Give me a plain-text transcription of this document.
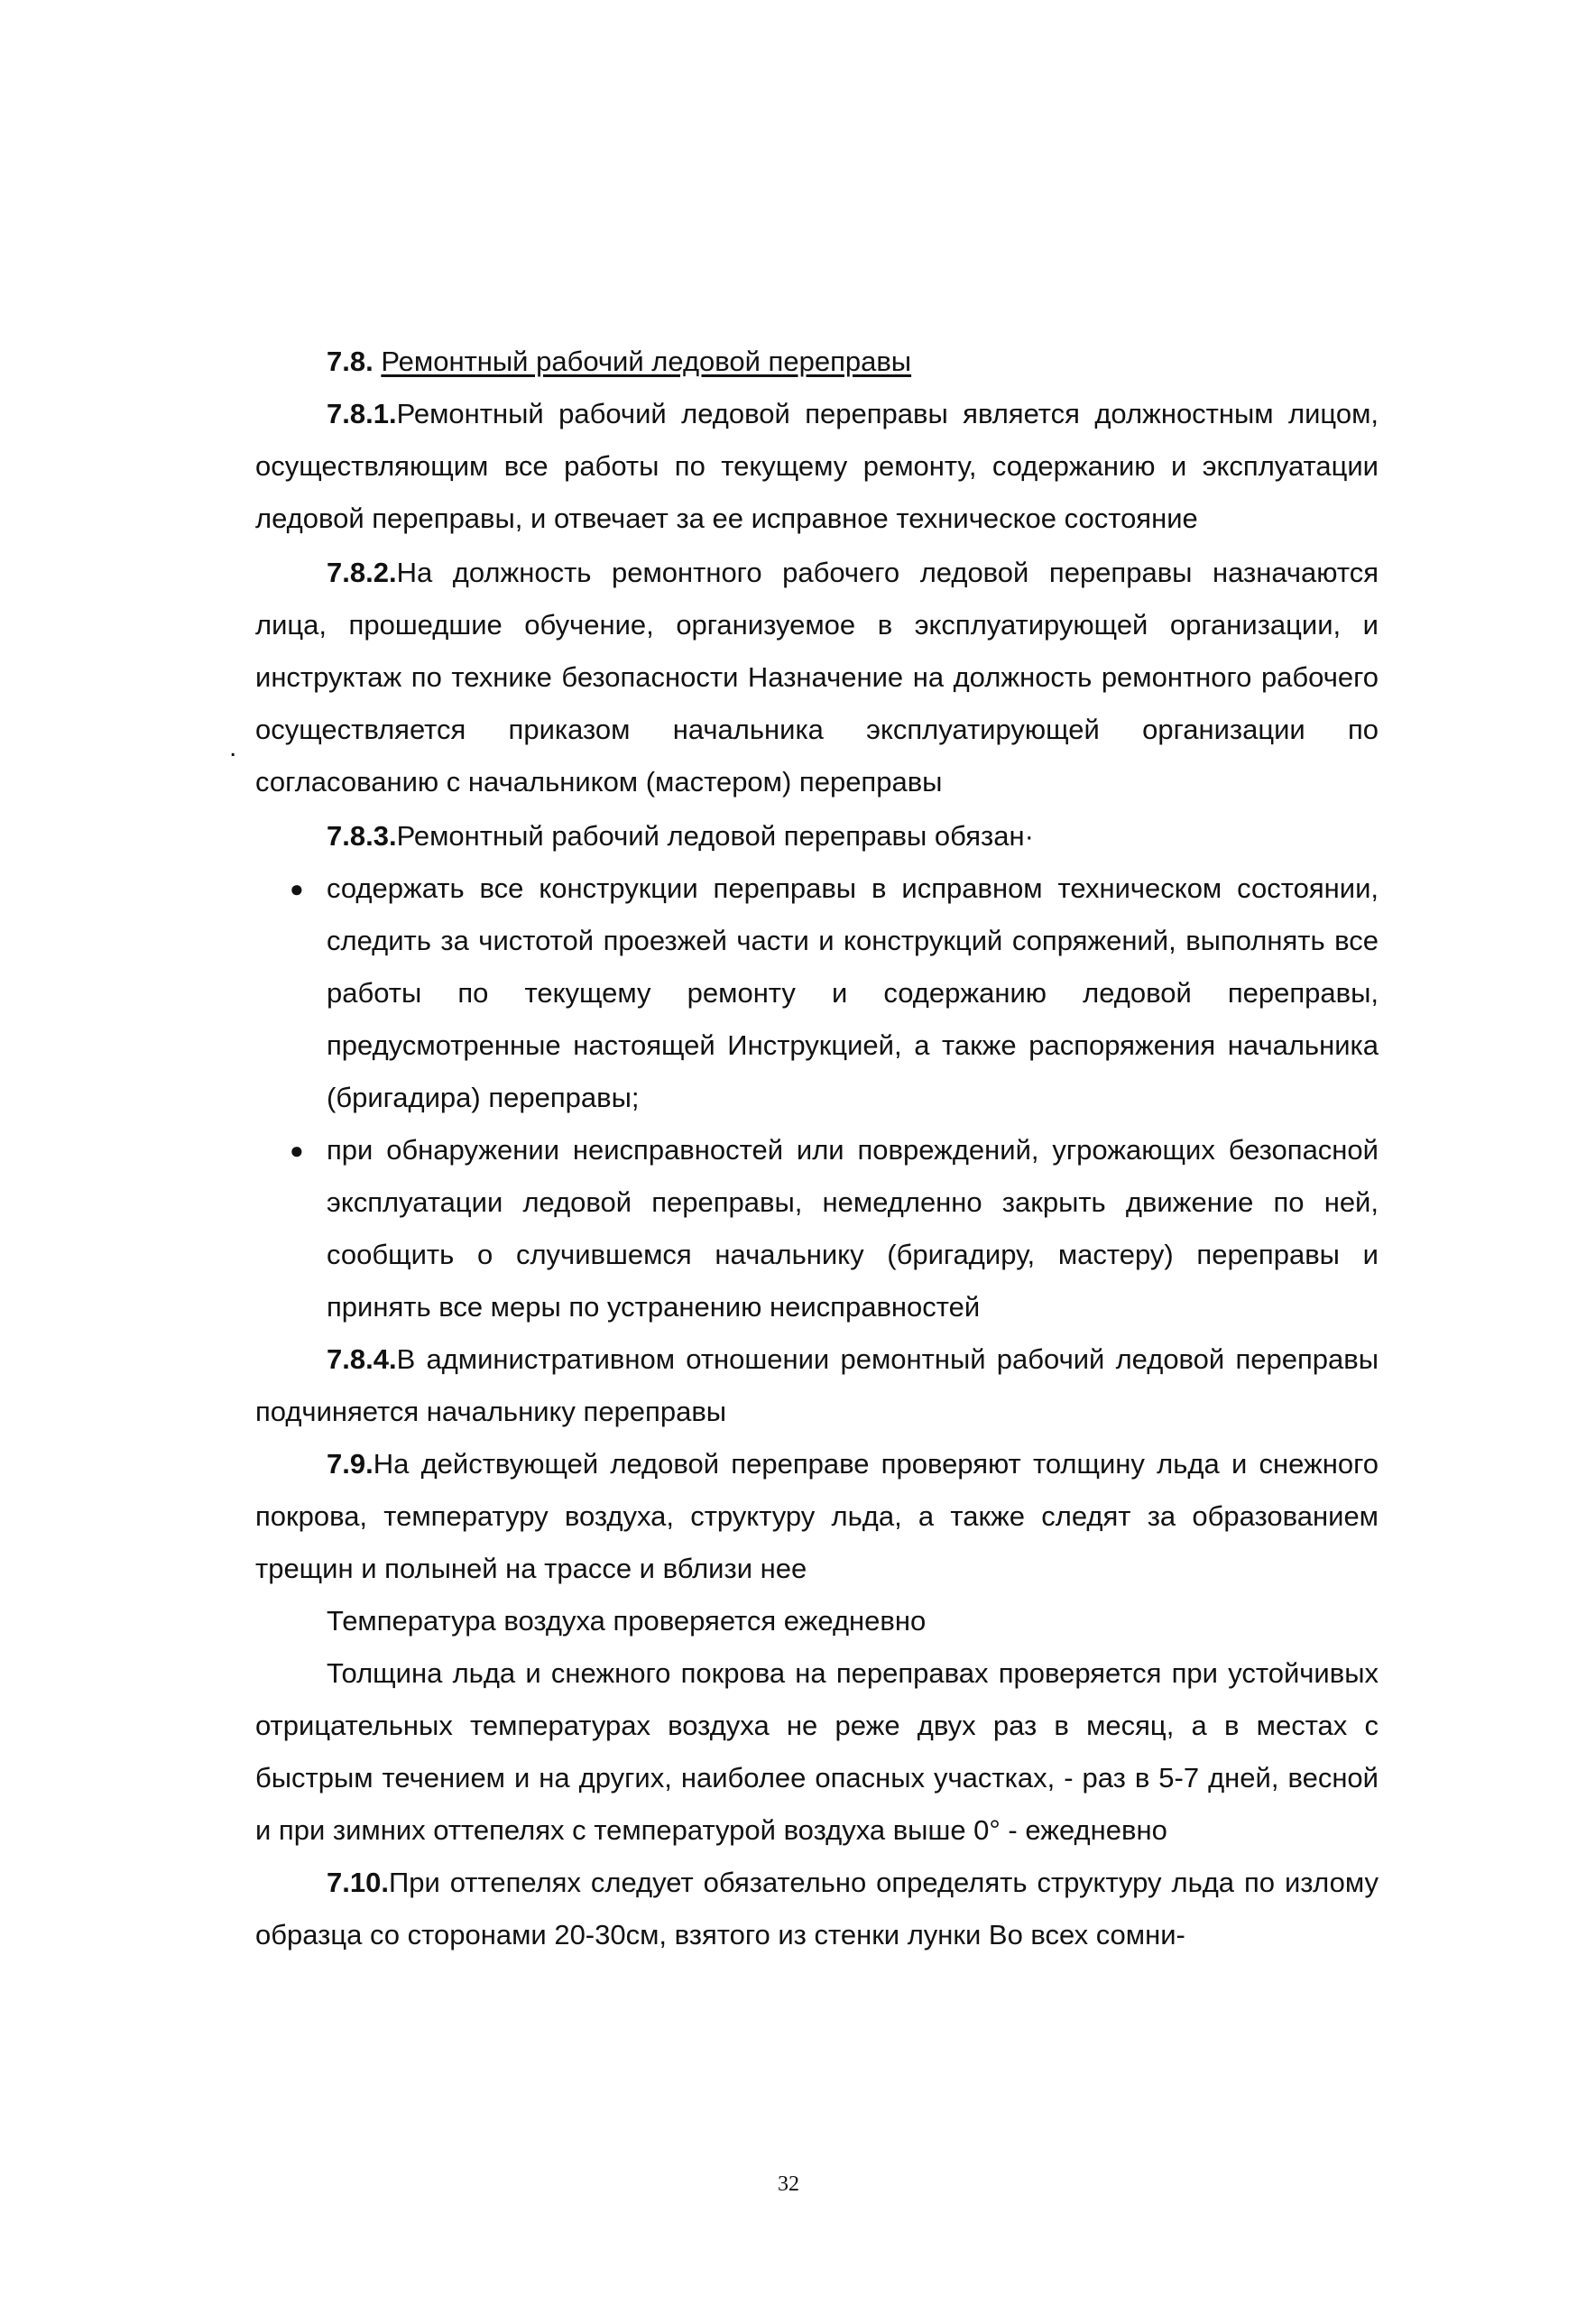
7.8. Ремонтный рабочий ледовой переправы

7.8.1.Ремонтный рабочий ледовой переправы является должностным лицом, осуществляющим все работы по текущему ремонту, содержанию и эксплуатации ледовой переправы, и отвечает за ее исправное техническое состояние

7.8.2.На должность ремонтного рабочего ледовой переправы назначаются лица, прошедшие обучение, организуемое в эксплуатирующей организации, и инструктаж по технике безопасности Назначение на должность ремонтного рабочего осуществляется приказом начальника эксплуатирующей организации по согласованию с начальником (мастером) переправы

7.8.3.Ремонтный рабочий ледовой переправы обязан·

● содержать все конструкции переправы в исправном техническом состоянии, следить за чистотой проезжей части и конструкций сопряжений, выполнять все работы по текущему ремонту и содержанию ледовой переправы, предусмотренные настоящей Инструкцией, а также распоряжения начальника (бригадира) переправы;
● при обнаружении неисправностей или повреждений, угрожающих безопасной эксплуатации ледовой переправы, немедленно закрыть движение по ней, сообщить о случившемся начальнику (бригадиру, мастеру) переправы и принять все меры по устранению неисправностей

7.8.4.В административном отношении ремонтный рабочий ледовой переправы подчиняется начальнику переправы

7.9.На действующей ледовой переправе проверяют толщину льда и снежного покрова, температуру воздуха, структуру льда, а также следят за образованием трещин и полыней на трассе и вблизи нее

Температура воздуха проверяется ежедневно

Толщина льда и снежного покрова на переправах проверяется при устойчивых отрицательных температурах воздуха не реже двух раз в месяц, а в местах с быстрым течением и на других, наиболее опасных участках, - раз в 5-7 дней, весной и при зимних оттепелях с температурой воздуха выше 0° - ежедневно

7.10.При оттепелях следует обязательно определять структуру льда по излому образца со сторонами 20-30см, взятого из стенки лунки Во всех сомни-

.
32
